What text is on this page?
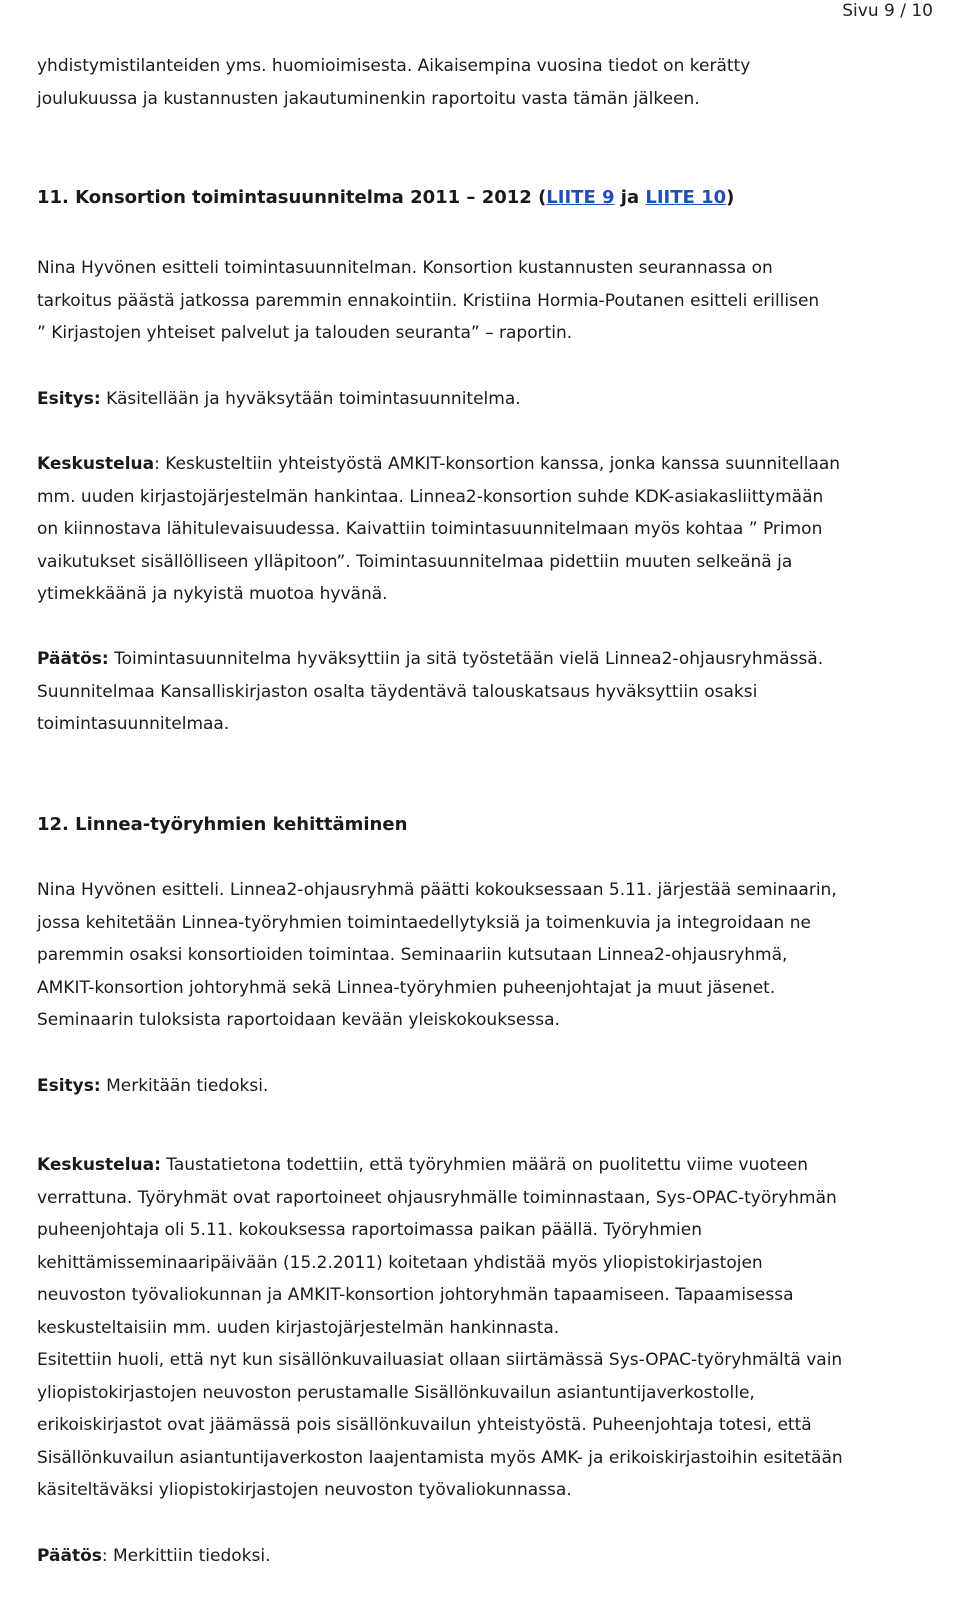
Sivu 9 / 10

yhdistymistilanteiden yms. huomioimisesta. Aikaisempina vuosina tiedot on kerätty
joulukuussa ja kustannusten jakautuminenkin raportoitu vasta tämän jälkeen.

11. Konsortion toimintasuunnitelma 2011 – 2012 (LIITE 9 ja LIITE 10)

Nina Hyvönen esitteli toimintasuunnitelman. Konsortion kustannusten seurannassa on
tarkoitus päästä jatkossa paremmin ennakointiin. Kristiina Hormia-Poutanen esitteli erillisen
” Kirjastojen yhteiset palvelut ja talouden seuranta” – raportin.

Esitys: Käsitellään ja hyväksytään toimintasuunnitelma.

Keskustelua: Keskusteltiin yhteistyöstä AMKIT-konsortion kanssa, jonka kanssa suunnitellaan
mm. uuden kirjastojärjestelmän hankintaa. Linnea2-konsortion suhde KDK-asiakasliittymään
on kiinnostava lähitulevaisuudessa. Kaivattiin toimintasuunnitelmaan myös kohtaa ” Primon
vaikutukset sisällölliseen ylläpitoon”. Toimintasuunnitelmaa pidettiin muuten selkeänä ja
ytimekkäänä ja nykyistä muotoa hyvänä.

Päätös: Toimintasuunnitelma hyväksyttiin ja sitä työstetään vielä Linnea2-ohjausryhmässä.
Suunnitelmaa Kansalliskirjaston osalta täydentävä talouskatsaus hyväksyttiin osaksi
toimintasuunnitelmaa.

12. Linnea-työryhmien kehittäminen

Nina Hyvönen esitteli. Linnea2-ohjausryhmä päätti kokouksessaan 5.11. järjestää seminaarin,
jossa kehitetään Linnea-työryhmien toimintaedellytyksiä ja toimenkuvia ja integroidaan ne
paremmin osaksi konsortioiden toimintaa. Seminaariin kutsutaan Linnea2-ohjausryhmä,
AMKIT-konsortion johtoryhmä sekä Linnea-työryhmien puheenjohtajat ja muut jäsenet.
Seminaarin tuloksista raportoidaan kevään yleiskokouksessa.

Esitys: Merkitään tiedoksi.

Keskustelua: Taustatietona todettiin, että työryhmien määrä on puolitettu viime vuoteen
verrattuna. Työryhmät ovat raportoineet ohjausryhmälle toiminnastaan, Sys-OPAC-työryhmän
puheenjohtaja oli 5.11. kokouksessa raportoimassa paikan päällä. Työryhmien
kehittämisseminaaripäivään (15.2.2011) koitetaan yhdistää myös yliopistokirjastojen
neuvoston työvaliokunnan ja AMKIT-konsortion johtoryhmän tapaamiseen. Tapaamisessa
keskusteltaisiin mm. uuden kirjastojärjestelmän hankinnasta.
Esitettiin huoli, että nyt kun sisällönkuvailuasiat ollaan siirtämässä Sys-OPAC-työryhmältä vain
yliopistokirjastojen neuvoston perustamalle Sisällönkuvailun asiantuntijaverkostolle,
erikoiskirjastot ovat jäämässä pois sisällönkuvailun yhteistyöstä. Puheenjohtaja totesi, että
Sisällönkuvailun asiantuntijaverkoston laajentamista myös AMK- ja erikoiskirjastoihin esitetään
käsiteltäväksi yliopistokirjastojen neuvoston työvaliokunnassa.

Päätös: Merkittiin tiedoksi.
